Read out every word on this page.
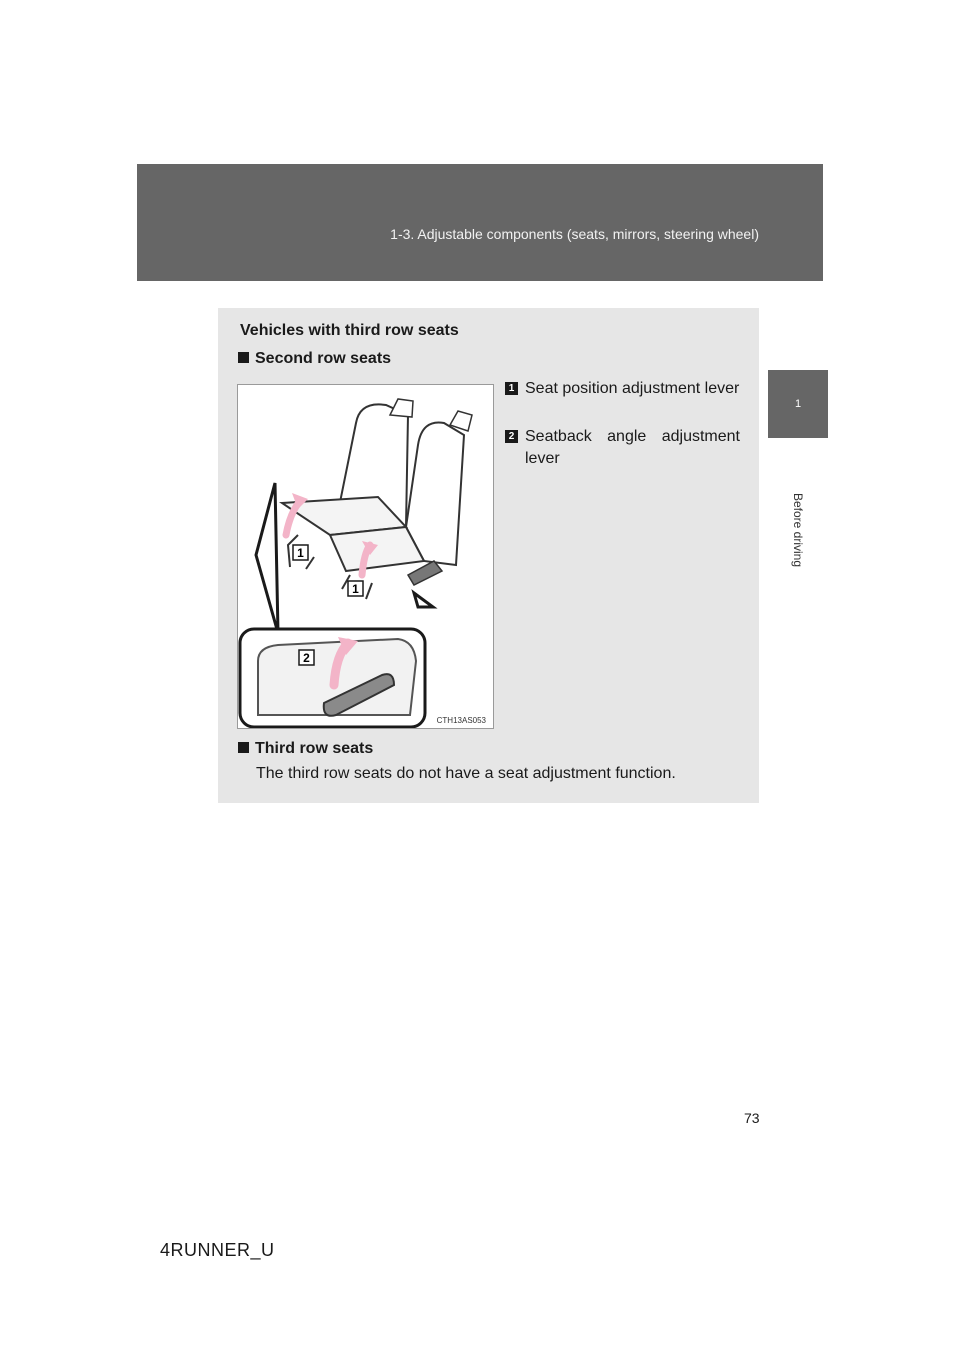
1-3. Adjustable components (seats, mirrors, steering wheel)
1
Before driving
Vehicles with third row seats
Second row seats
1
1
2
CTH13AS053
1 Seat position adjustment lever
2 Seatback angle adjustment lever
Third row seats
The third row seats do not have a seat adjustment function.
73
4RUNNER_U
